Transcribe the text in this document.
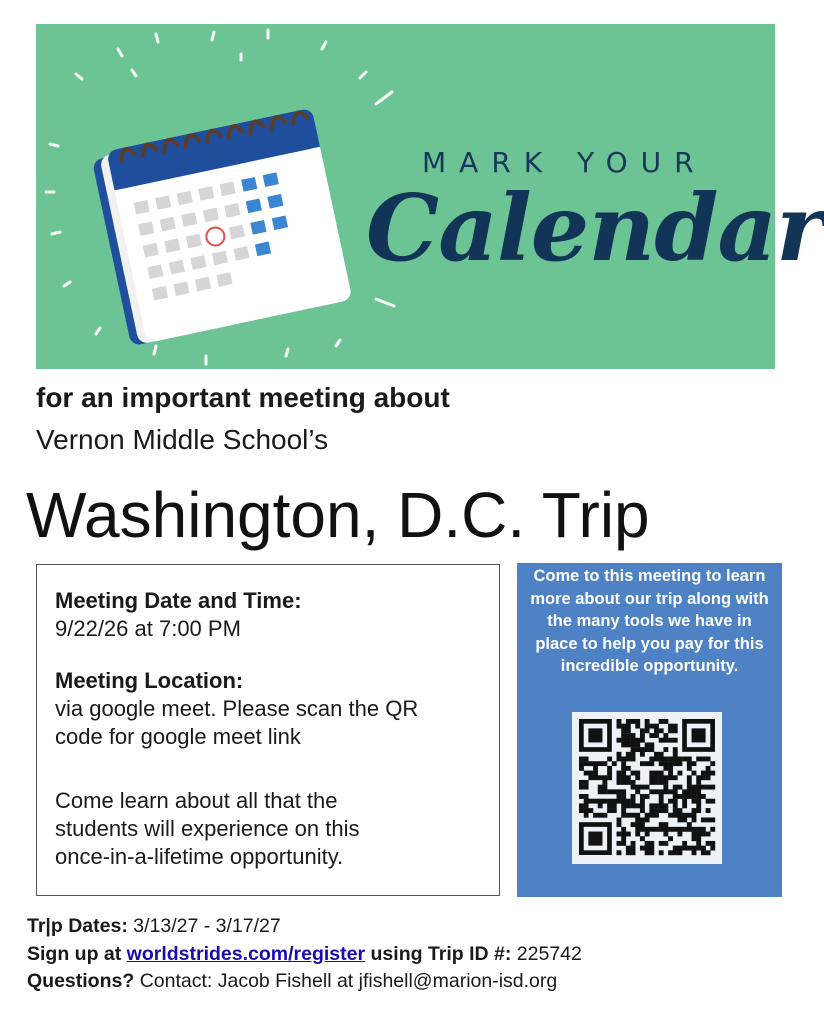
MARK YOUR
Calendar
for an important meeting about
Vernon Middle School’s
Washington, D.C. Trip
Meeting Date and Time:
9/22/26 at 7:00 PM
Meeting Location:
via google meet. Please scan the QR
code for google meet link
Come learn about all that the
students will experience on this
once-in-a-lifetime opportunity.
Come to this meeting to learn more about our trip along with the many tools we have in place to help you pay for this incredible opportunity.
Tr|p Dates: 3/13/27 - 3/17/27
Sign up at worldstrides.com/register using Trip ID #: 225742
Questions? Contact: Jacob Fishell at jfishell@marion-isd.org
